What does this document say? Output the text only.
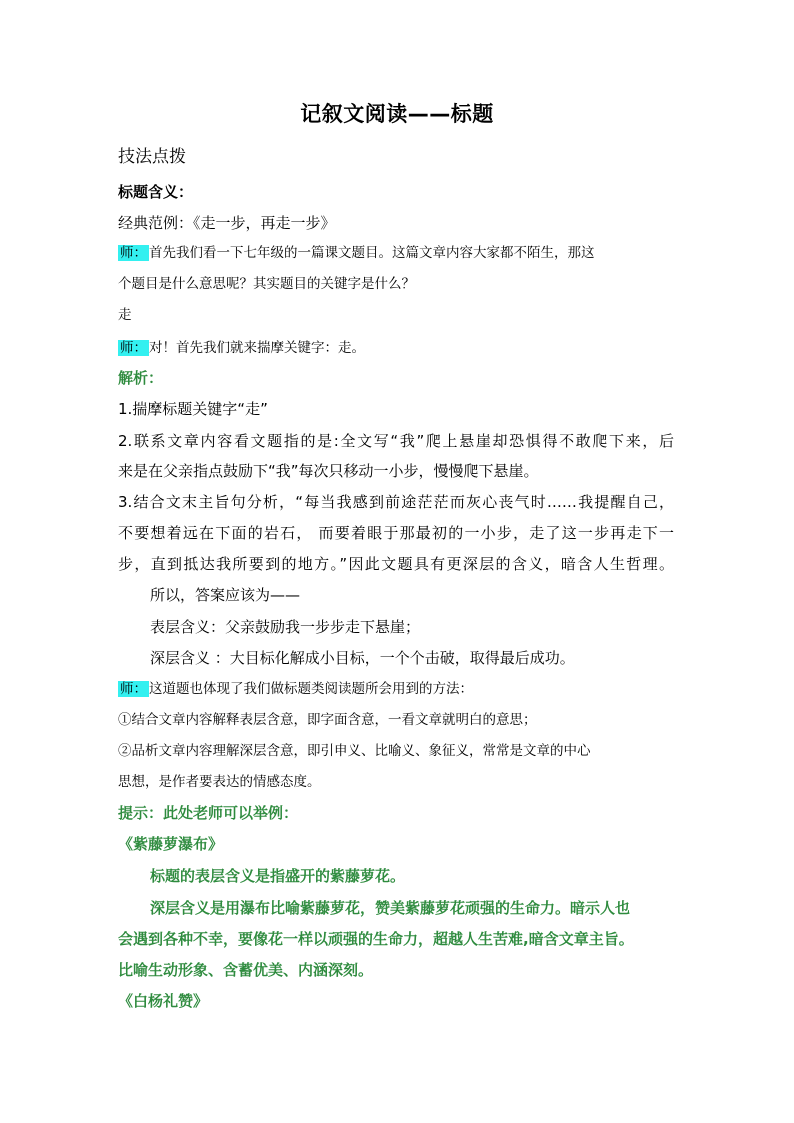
记叙文阅读——标题
技法点拨
标题含义：
经典范例：《走一步，再走一步》
师： 首先我们看一下七年级的一篇课文题目。这篇文章内容大家都不陌生，那这
个题目是什么意思呢？其实题目的关键字是什么？
走
师： 对！首先我们就来揣摩关键字：走。
解析：
1.揣摩标题关键字“走”
2.联系文章内容看文题指的是:全文写“我”爬上悬崖却恐惧得不敢爬下来，后
来是在父亲指点鼓励下“我”每次只移动一小步，慢慢爬下悬崖。
3.结合文末主旨句分析，“每当我感到前途茫茫而灰心丧气时……我提醒自己，
不要想着远在下面的岩石， 而要着眼于那最初的一小步，走了这一步再走下一
步，直到抵达我所要到的地方。”因此文题具有更深层的含义，暗含人生哲理。
所以，答案应该为——
表层含义：父亲鼓励我一步步走下悬崖；
深层含义 ：大目标化解成小目标，一个个击破，取得最后成功。
师： 这道题也体现了我们做标题类阅读题所会用到的方法：
①结合文章内容解释表层含意，即字面含意，一看文章就明白的意思；
②品析文章内容理解深层含意，即引申义、比喻义、象征义，常常是文章的中心
思想，是作者要表达的情感态度。
提示：此处老师可以举例：
《紫藤萝瀑布》
标题的表层含义是指盛开的紫藤萝花。
深层含义是用瀑布比喻紫藤萝花，赞美紫藤萝花顽强的生命力。暗示人也
会遇到各种不幸，要像花一样以顽强的生命力，超越人生苦难,暗含文章主旨。
比喻生动形象、含蓄优美、内涵深刻。
《白杨礼赞》
